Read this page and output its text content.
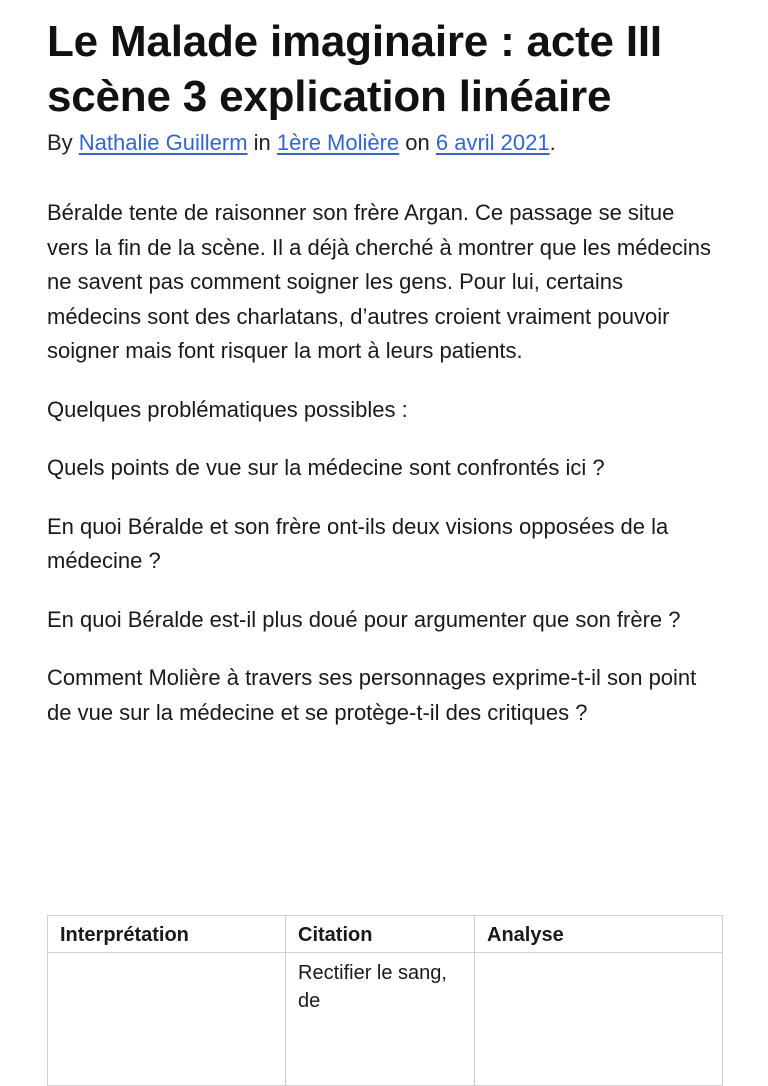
Le Malade imaginaire : acte III scène 3 explication linéaire

By Nathalie Guillerm in 1ère Molière on 6 avril 2021.

Béralde tente de raisonner son frère Argan. Ce passage se situe vers la fin de la scène. Il a déjà cherché à montrer que les médecins ne savent pas comment soigner les gens. Pour lui, certains médecins sont des charlatans, d’autres croient vraiment pouvoir soigner mais font risquer la mort à leurs patients.

Quelques problématiques possibles :

Quels points de vue sur la médecine sont confrontés ici ?

En quoi Béralde et son frère ont-ils deux visions opposées de la médecine ?

En quoi Béralde est-il plus doué pour argumenter que son frère ?

Comment Molière à travers ses personnages exprime-t-il son point de vue sur la médecine et se protège-t-il des critiques ?

Interprétation	Citation	Analyse
	Rectifier le sang, de	
